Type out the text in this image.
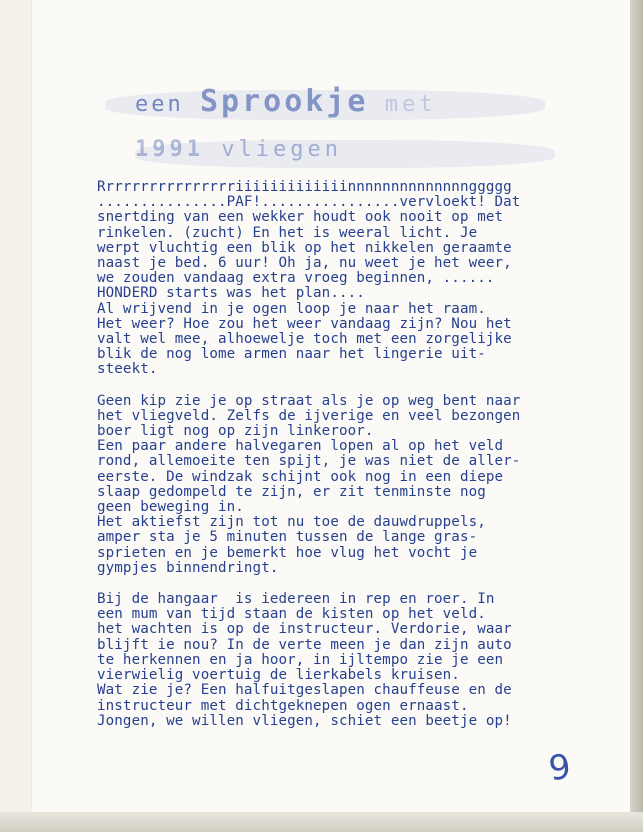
een Sprookje met
1991 vliegen
Rrrrrrrrrrrrrrrriiiiiiiiiiiiinnnnnnnnnnnnnnggggg
...............PAF!................vervloekt! Dat
snertding van een wekker houdt ook nooit op met
rinkelen. (zucht) En het is weeral licht. Je
werpt vluchtig een blik op het nikkelen geraamte
naast je bed. 6 uur! Oh ja, nu weet je het weer,
we zouden vandaag extra vroeg beginnen, ......
HONDERD starts was het plan....
Al wrijvend in je ogen loop je naar het raam.
Het weer? Hoe zou het weer vandaag zijn? Nou het
valt wel mee, alhoewelje toch met een zorgelijke
blik de nog lome armen naar het lingerie uit-
steekt.
Geen kip zie je op straat als je op weg bent naar
het vliegveld. Zelfs de ijverige en veel bezongen
boer ligt nog op zijn linkeroor.
Een paar andere halvegaren lopen al op het veld
rond, allemoeite ten spijt, je was niet de aller-
eerste. De windzak schijnt ook nog in een diepe
slaap gedompeld te zijn, er zit tenminste nog
geen beweging in.
Het aktiefst zijn tot nu toe de dauwdruppels,
amper sta je 5 minuten tussen de lange gras-
sprieten en je bemerkt hoe vlug het vocht je
gympjes binnendringt.
Bij de hangaar  is iedereen in rep en roer. In
een mum van tijd staan de kisten op het veld.
het wachten is op de instructeur. Verdorie, waar
blijft ie nou? In de verte meen je dan zijn auto
te herkennen en ja hoor, in ijltempo zie je een
vierwielig voertuig de lierkabels kruisen.
Wat zie je? Een halfuitgeslapen chauffeuse en de
instructeur met dichtgeknepen ogen ernaast.
Jongen, we willen vliegen, schiet een beetje op!
9
